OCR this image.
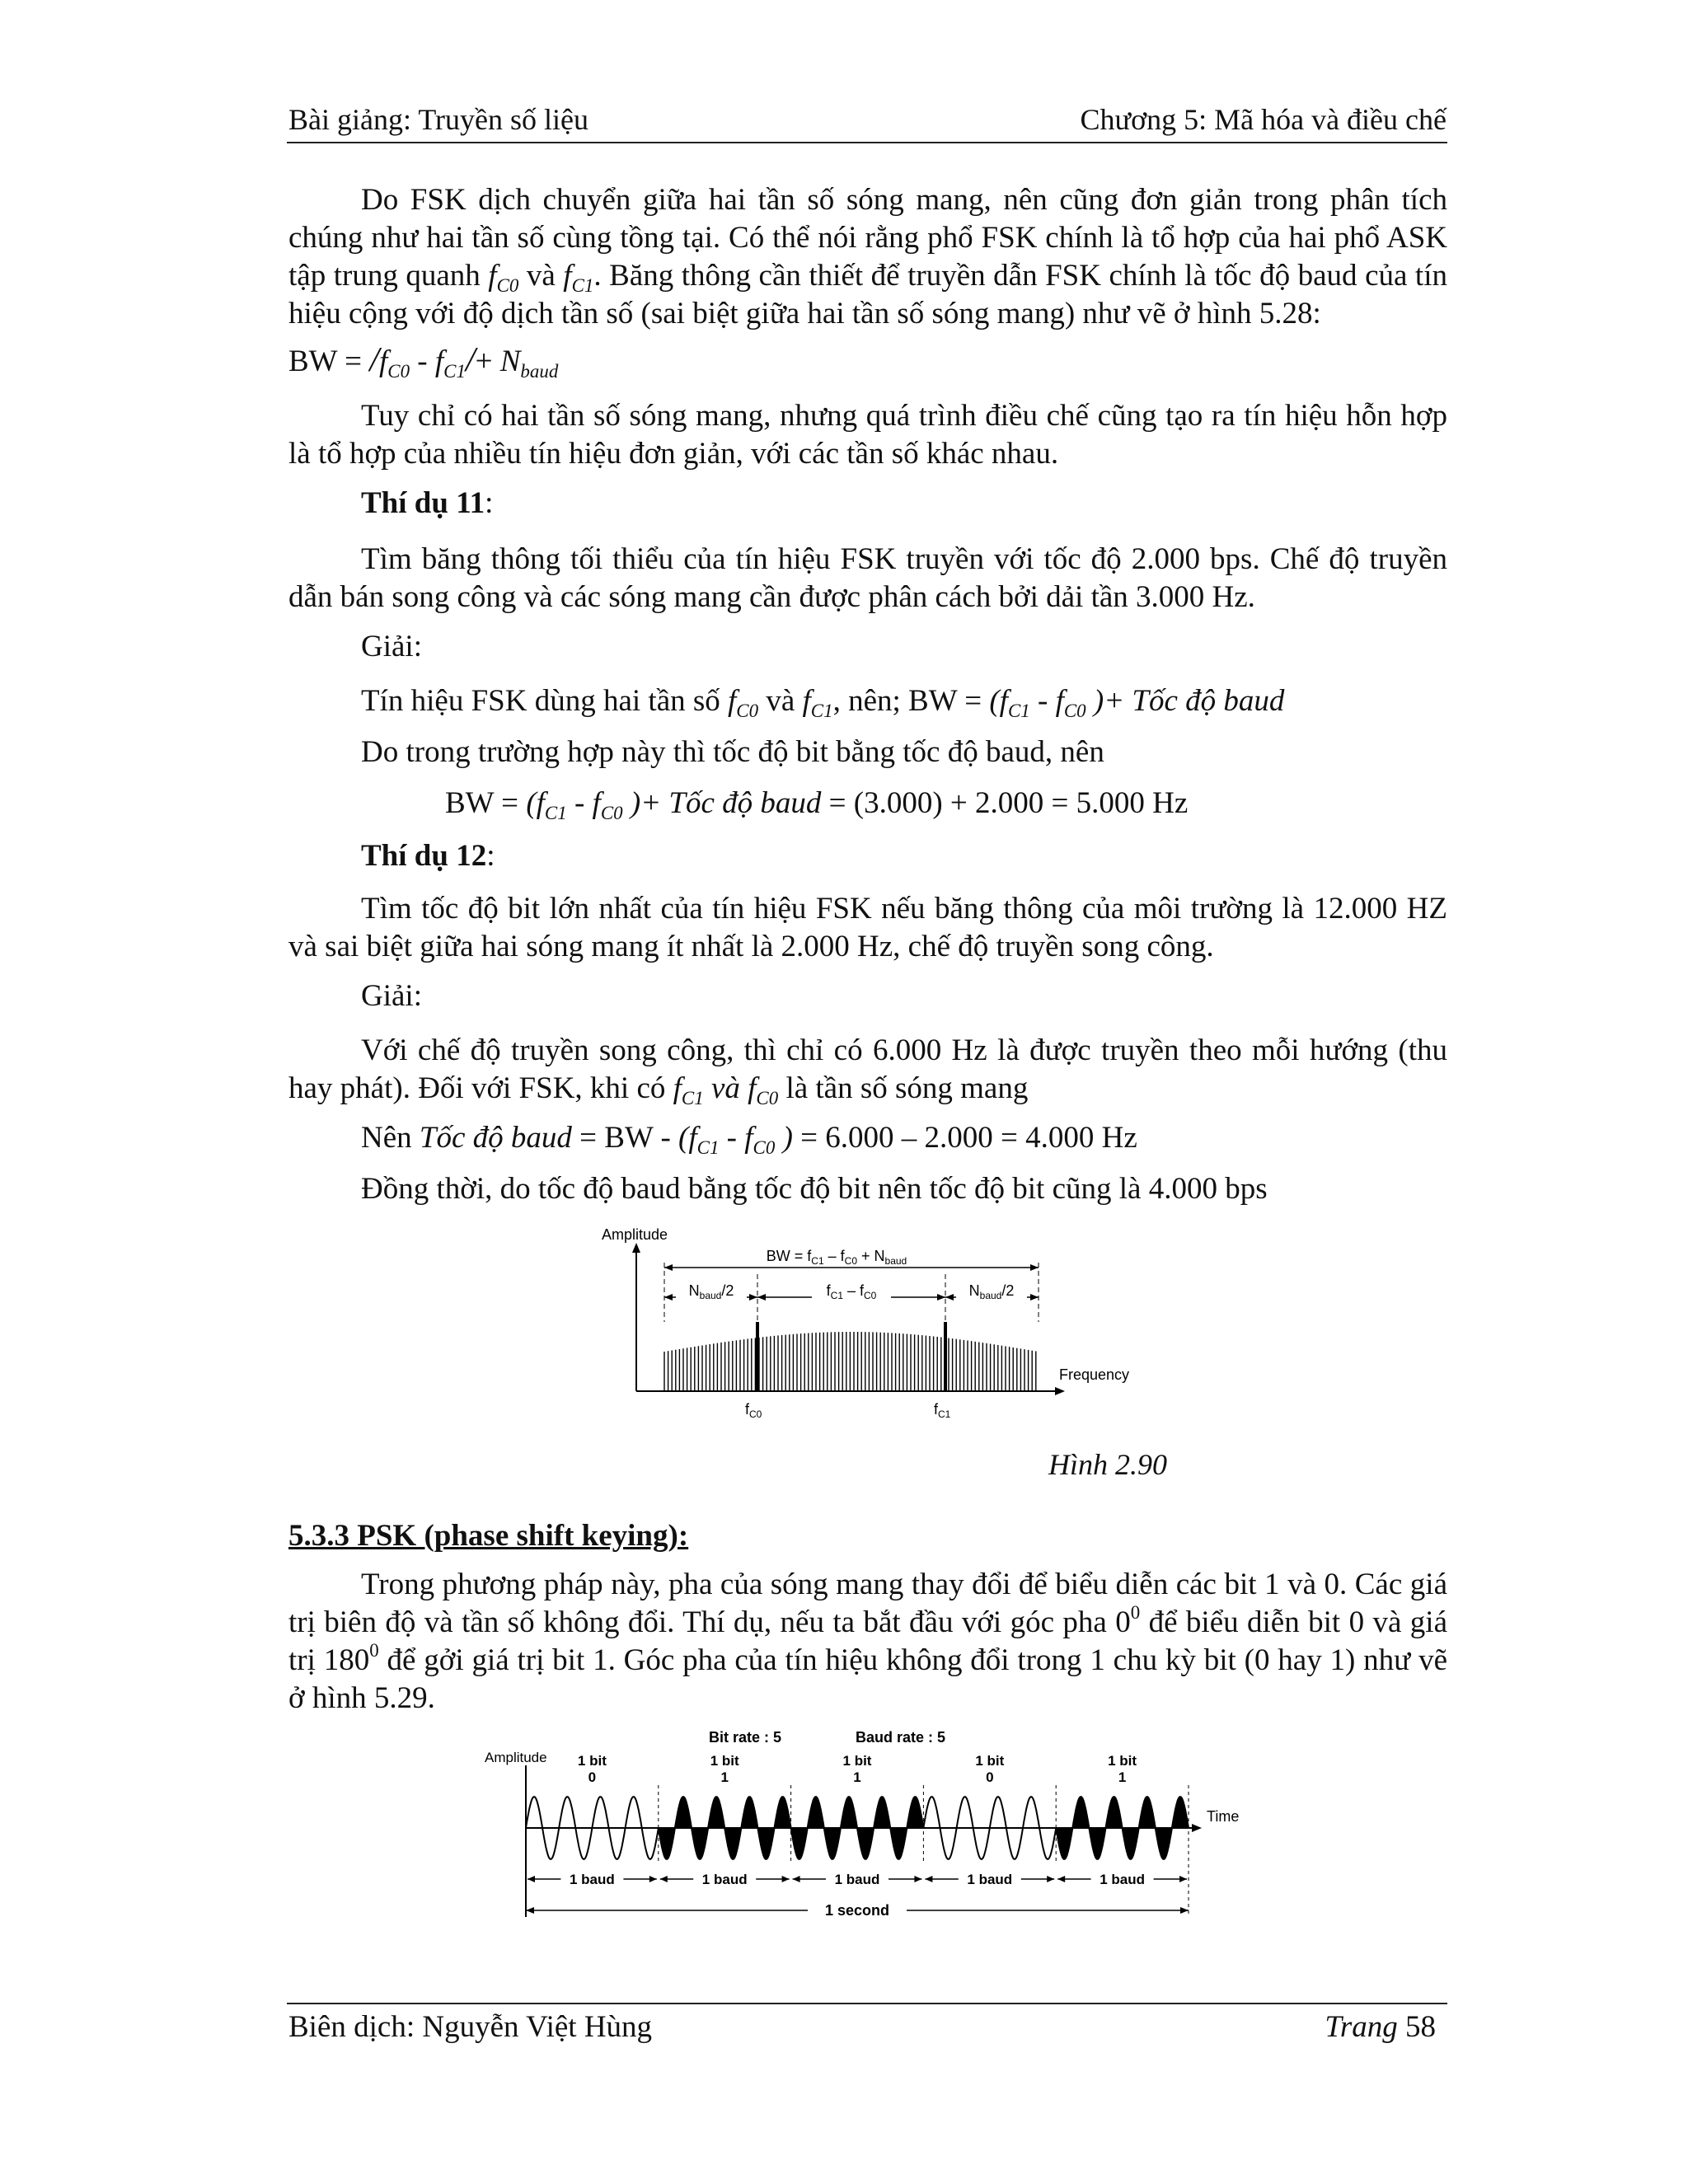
Bài giảng: Truyền số liệu	Chương 5: Mã hóa và điều chế
Do FSK dịch chuyển giữa hai tần số sóng mang, nên cũng đơn giản trong phân tích chúng như hai tần số cùng tồng tại. Có thể nói rằng phổ FSK chính là tổ hợp của hai phổ ASK tập trung quanh $f_{C0}$ và $f_{C1}$. Băng thông cần thiết để truyền dẫn FSK chính là tốc độ baud của tín hiệu cộng với độ dịch tần số (sai biệt giữa hai tần số sóng mang) như vẽ ở hình 5.28:
BW = $/f_{C0} - f_{C1}/+ N_{baud}$
Tuy chỉ có hai tần số sóng mang, nhưng quá trình điều chế cũng tạo ra tín hiệu hỗn hợp là tổ hợp của nhiều tín hiệu đơn giản, với các tần số khác nhau.
Thí dụ 11:
Tìm băng thông tối thiểu của tín hiệu FSK truyền với tốc độ 2.000 bps. Chế độ truyền dẫn bán song công và các sóng mang cần được phân cách bởi dải tần 3.000 Hz.
Giải:
Tín hiệu FSK dùng hai tần số $f_{C0}$ và $f_{C1}$, nên; BW = ($f_{C1} - f_{C0}$ )+ Tốc độ baud
Do trong trường hợp này thì tốc độ bit bằng tốc độ baud, nên
BW = ($f_{C1} - f_{C0}$ )+ Tốc độ baud = (3.000) + 2.000 = 5.000 Hz
Thí dụ 12:
Tìm tốc độ bit lớn nhất của tín hiệu FSK nếu băng thông của môi trường là 12.000 HZ và sai biệt giữa hai sóng mang ít nhất là 2.000 Hz, chế độ truyền song công.
Giải:
Với chế độ truyền song công, thì chỉ có 6.000 Hz là được truyền theo mỗi hướng (thu hay phát). Đối với FSK, khi có $f_{C1}$ và $f_{C0}$ là tần số sóng mang
Nên Tốc độ baud = BW - ($f_{C1} - f_{C0}$ ) = 6.000 – 2.000 = 4.000 Hz
Đồng thời, do tốc độ baud bằng tốc độ bit nên tốc độ bit cũng là 4.000 bps
Amplitude
BW = $f_{C1} - f_{C0} + N_{baud}$
$N_{baud}/2$	$f_{C1} - f_{C0}$	$N_{baud}/2$
Frequency
$f_{C0}$	$f_{C1}$
Hình 2.90
5.3.3 PSK (phase shift keying):
Trong phương pháp này, pha của sóng mang thay đổi để biểu diễn các bit 1 và 0. Các giá trị biên độ và tần số không đổi. Thí dụ, nếu ta bắt đầu với góc pha $0^0$ để biểu diễn bit 0 và giá trị $180^0$ để gởi giá trị bit 1. Góc pha của tín hiệu không đổi trong 1 chu kỳ bit (0 hay 1) như vẽ ở hình 5.29.
Bit rate : 5	Baud rate : 5
Amplitude
Time
1 bit
0
1 baud
1 bit
1
1 baud
1 bit
1
1 baud
1 bit
0
1 baud
1 bit
1
1 baud
1 second
Biên dịch: Nguyễn Việt Hùng	Trang 58
